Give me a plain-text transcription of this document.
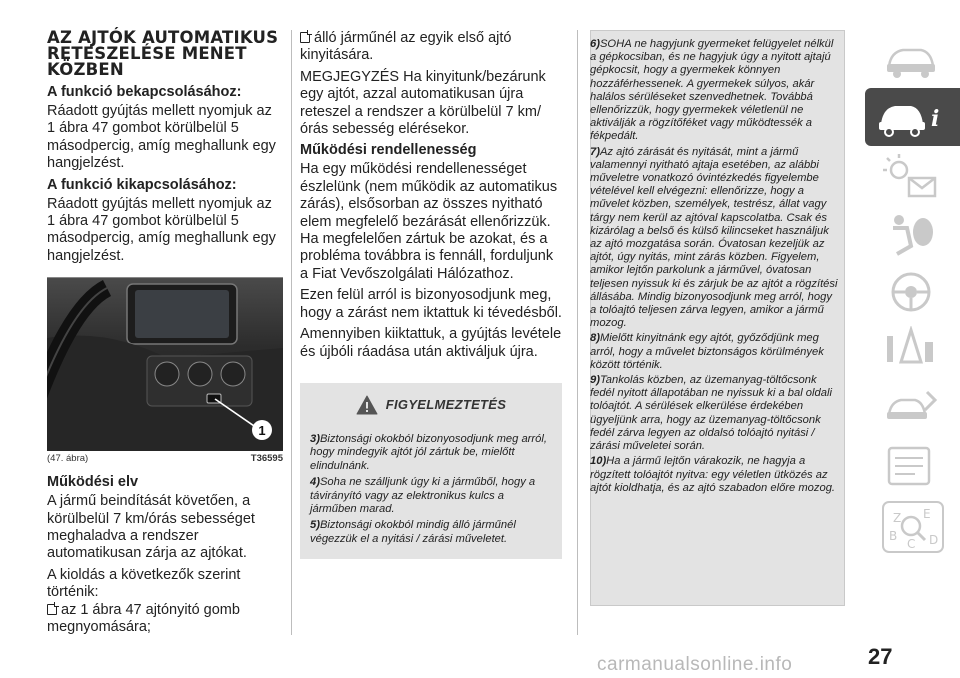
AZ AJTÓK AUTOMATIKUS
RETESZELÉSE MENET
KÖZBEN
A funkció bekapcsolásához:

Ráadott gyújtás mellett nyomjuk az 1 ábra 47 gombot körülbelül 5 másodpercig, amíg meghallunk egy hangjelzést.

A funkció kikapcsolásához:

Ráadott gyújtás mellett nyomjuk az 1 ábra 47 gombot körülbelül 5 másodpercig, amíg meghallunk egy hangjelzést.

1
(47. ábra)	T36595
Működési elv

A jármű beindítását követően, a körülbelül 7 km/órás sebességet meghaladva a rendszer automatikusan zárja az ajtókat.

A kioldás a következők szerint történik:

az 1 ábra 47 ajtónyitó gomb megnyomására;

álló járműnél az egyik első ajtó kinyitására.

MEGJEGYZÉS Ha kinyitunk/bezárunk egy ajtót, azzal automatikusan újra reteszel a rendszer a körülbelül 7 km/órás sebesség elérésekor.

Működési rendellenesség

Ha egy működési rendellenességet észlelünk (nem működik az automatikus zárás), elsősorban az összes nyitható elem megfelelő bezárását ellenőrizzük. Ha megfelelően zártuk be azokat, és a probléma továbbra is fennáll, forduljunk a Fiat Vevőszolgálati Hálózathoz.

Ezen felül arról is bizonyosodjunk meg, hogy a zárást nem iktattuk ki tévedésből.

Amennyiben kiiktattuk, a gyújtás levétele és újbóli ráadása után aktiváljuk újra.

FIGYELMEZTETÉS

3)Biztonsági okokból bizonyosodjunk meg arról, hogy mindegyik ajtót jól zártuk be, mielőtt elindulnánk.

4)Soha ne szálljunk úgy ki a járműből, hogy a távirányító vagy az elektronikus kulcs a járműben marad.

5)Biztonsági okokból mindig álló járműnél végezzük el a nyitási / zárási műveletet.

6)SOHA ne hagyjunk gyermeket felügyelet nélkül a gépkocsiban, és ne hagyjuk úgy a nyitott ajtajú gépkocsit, hogy a gyermekek könnyen hozzáférhessenek. A gyermekek súlyos, akár halálos sérüléseket szenvedhetnek. Továbbá ellenőrizzük, hogy gyermekek véletlenül ne aktiválják a rögzítőféket vagy működtessék a fékpedált.

7)Az ajtó zárását és nyitását, mint a jármű valamennyi nyitható ajtaja esetében, az alábbi műveletre vonatkozó óvintézkedés figyelembe vételével kell elvégezni: ellenőrizze, hogy a művelet közben, személyek, testrész, állat vagy tárgy nem kerül az ajtóval kapscolatba. Csak és kizárólag a belső és külső kilincseket használjuk az ajtó mozgatása során. Óvatosan kezeljük az ajtót, úgy nyitás, mint zárás közben. Figyelem, amikor lejtőn parkolunk a járművel, óvatosan teljesen nyissuk ki és zárjuk be az ajtót a rögzítési állásába. Mindig bizonyosodjunk meg arról, hogy a tolóajtó teljesen zárva legyen, amikor a jármű mozog.

8)Mielőtt kinyitnánk egy ajtót, győződjünk meg arról, hogy a művelet biztonságos körülmények között történik.

9)Tankolás közben, az üzemanyag-töltőcsonk fedél nyitott állapotában ne nyissuk ki a bal oldali tolóajtót. A sérülések elkerülése érdekében ügyeljünk arra, hogy az üzemanyag-töltőcsonk fedél zárva legyen az oldalsó tolóajtó nyitási / zárási műveletei során.

10)Ha a jármű lejtőn várakozik, ne hagyja a rögzített tolóajtót nyitva: egy véletlen ütközés az ajtót kioldhatja, és az ajtó szabadon előre mozog.

i
Z E
B
C D
27
carmanualsonline.info
